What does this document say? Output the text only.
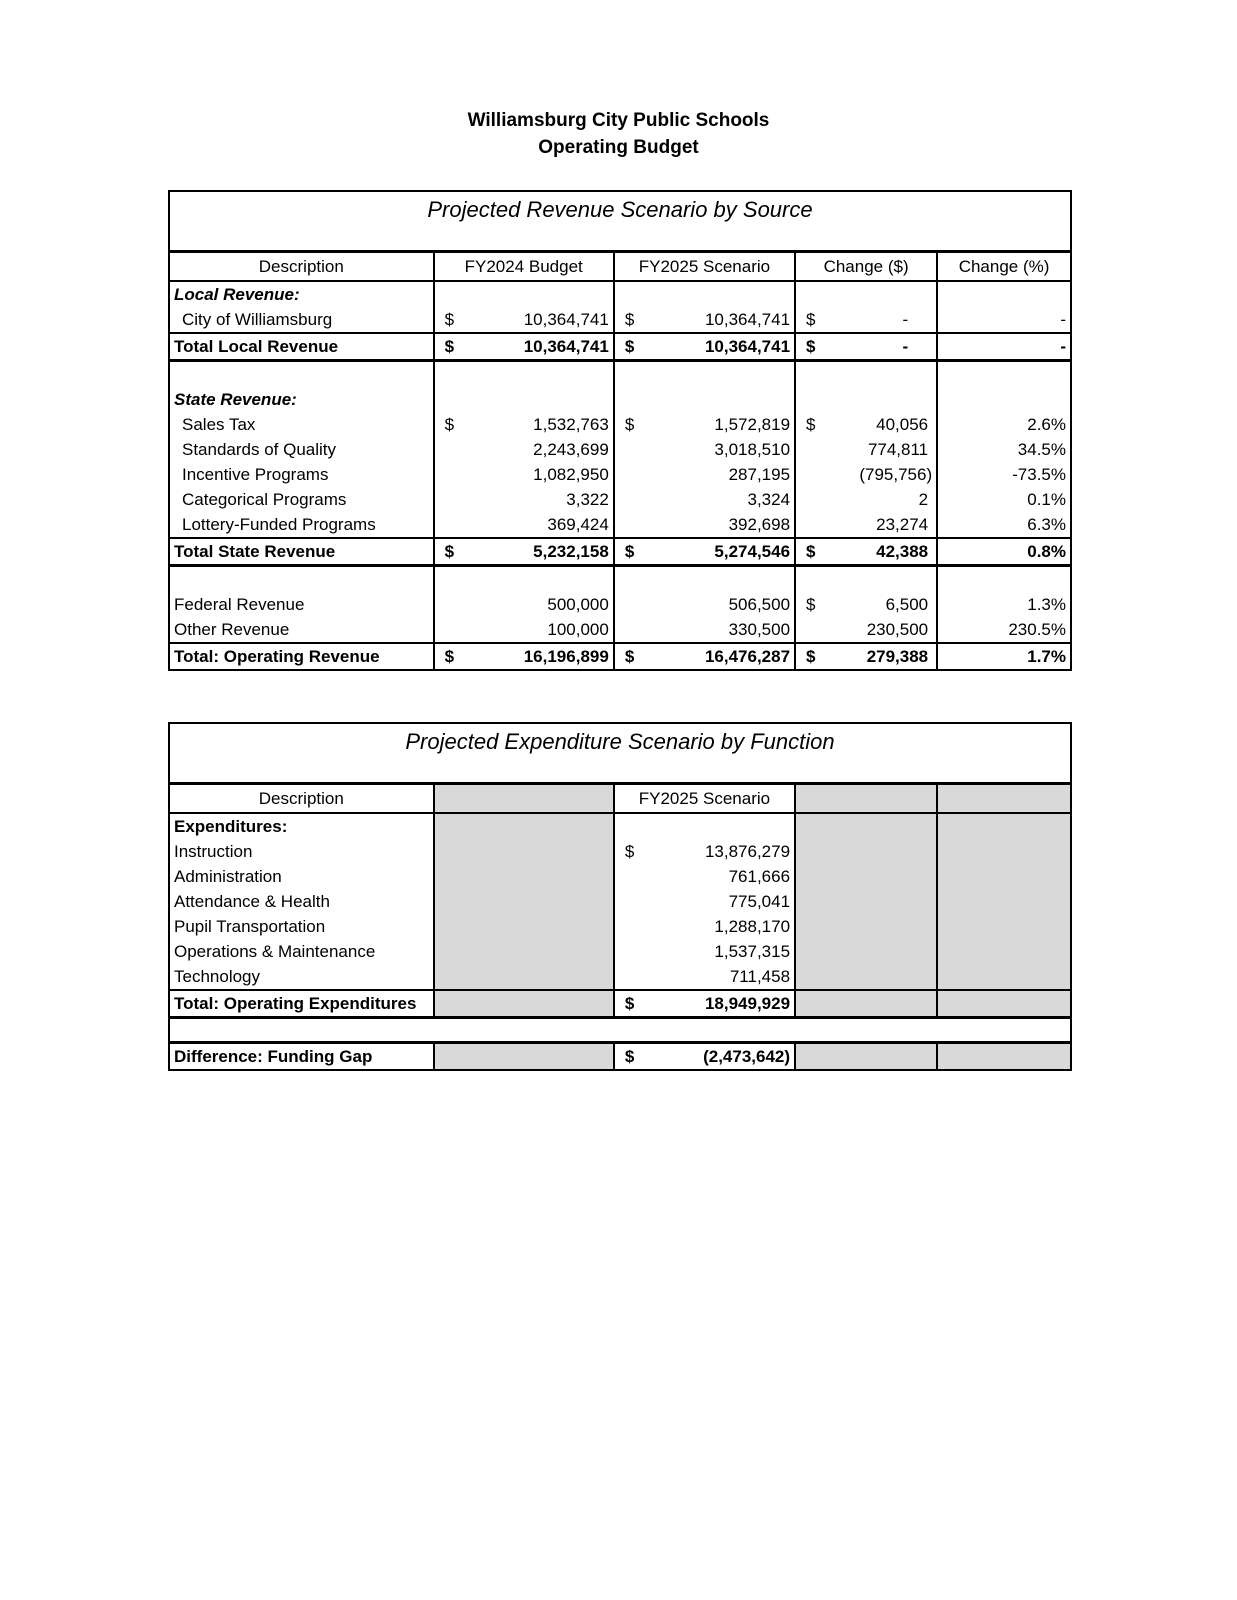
Williamsburg City Public Schools
Operating Budget
Projected Revenue Scenario by Source
Description	FY2024 Budget	FY2025 Scenario	Change ($)	Change (%)
Local Revenue:				
City of Williamsburg	$ 10,364,741	$ 10,364,741	$ -	-
Total Local Revenue	$ 10,364,741	$ 10,364,741	$ -	-

State Revenue:				
Sales Tax	$ 1,532,763	$ 1,572,819	$ 40,056	2.6%
Standards of Quality	2,243,699	3,018,510	774,811	34.5%
Incentive Programs	1,082,950	287,195	(795,756)	-73.5%
Categorical Programs	3,322	3,324	2	0.1%
Lottery-Funded Programs	369,424	392,698	23,274	6.3%
Total State Revenue	$ 5,232,158	$ 5,274,546	$ 42,388	0.8%

Federal Revenue	500,000	506,500	$ 6,500	1.3%
Other Revenue	100,000	330,500	230,500	230.5%
Total: Operating Revenue	$ 16,196,899	$ 16,476,287	$ 279,388	1.7%
Projected Expenditure Scenario by Function
Description		FY2025 Scenario		
Expenditures:				
Instruction		$ 13,876,279		

Administration		761,666		
Attendance & Health		775,041		
Pupil Transportation		1,288,170		
Operations & Maintenance		1,537,315		
Technology		711,458		
Total: Operating Expenditures		$ 18,949,929		

Difference: Funding Gap		$ (2,473,642)		
